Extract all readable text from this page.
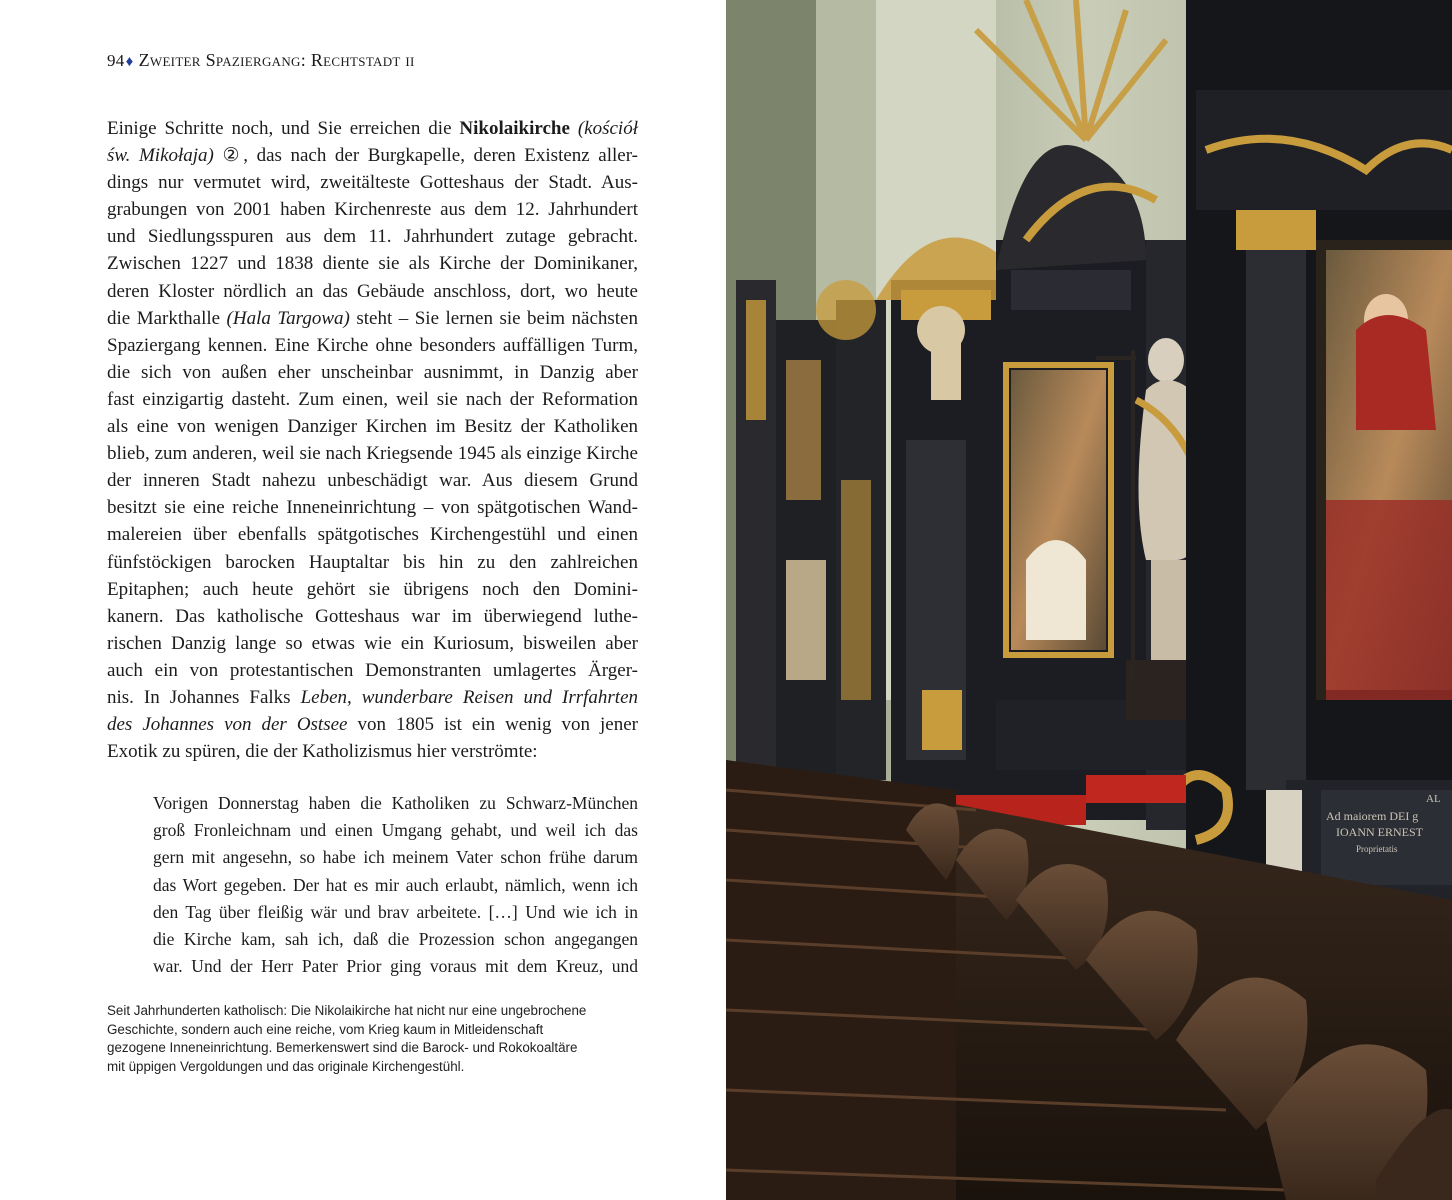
94♦ Zweiter Spaziergang: Rechtstadt ii
Einige Schritte noch, und Sie erreichen die Nikolaikirche (kościół
św. Mikołaja) ②, das nach der Burgkapelle, deren Existenz aller-
dings nur vermutet wird, zweitälteste Gotteshaus der Stadt. Aus-
grabungen von 2001 haben Kirchenreste aus dem 12. Jahrhundert
und Siedlungsspuren aus dem 11. Jahrhundert zutage gebracht.
Zwischen 1227 und 1838 diente sie als Kirche der Dominikaner,
deren Kloster nördlich an das Gebäude anschloss, dort, wo heute
die Markthalle (Hala Targowa) steht – Sie lernen sie beim nächsten
Spaziergang kennen. Eine Kirche ohne besonders auffälligen Turm,
die sich von außen eher unscheinbar ausnimmt, in Danzig aber
fast einzigartig dasteht. Zum einen, weil sie nach der Reformation
als eine von wenigen Danziger Kirchen im Besitz der Katholiken
blieb, zum anderen, weil sie nach Kriegsende 1945 als einzige Kirche
der inneren Stadt nahezu unbeschädigt war. Aus diesem Grund
besitzt sie eine reiche Inneneinrichtung – von spätgotischen Wand-
malereien über ebenfalls spätgotisches Kirchengestühl und einen
fünfstöckigen barocken Hauptaltar bis hin zu den zahlreichen
Epitaphen; auch heute gehört sie übrigens noch den Domini-
kanern. Das katholische Gotteshaus war im überwiegend luthe-
rischen Danzig lange so etwas wie ein Kuriosum, bisweilen aber
auch ein von protestantischen Demonstranten umlagertes Ärger-
nis. In Johannes Falks Leben, wunderbare Reisen und Irrfahrten
des Johannes von der Ostsee von 1805 ist ein wenig von jener
Exotik zu spüren, die der Katholizismus hier verströmte:
Vorigen Donnerstag haben die Katholiken zu Schwarz-München
groß Fronleichnam und einen Umgang gehabt, und weil ich das
gern mit angesehn, so habe ich meinem Vater schon frühe darum
das Wort gegeben. Der hat es mir auch erlaubt, nämlich, wenn ich
den Tag über fleißig wär und brav arbeitete. […] Und wie ich in
die Kirche kam, sah ich, daß die Prozession schon angegangen
war. Und der Herr Pater Prior ging voraus mit dem Kreuz, und
Seit Jahrhunderten katholisch: Die Nikolaikirche hat nicht nur eine ungebrochene
Geschichte, sondern auch eine reiche, vom Krieg kaum in Mitleidenschaft
gezogene Inneneinrichtung. Bemerkenswert sind die Barock- und Rokokoaltäre
mit üppigen Vergoldungen und das originale Kirchengestühl.
AL
Ad maiorem DEI g
IOANN ERNEST
Proprietatis
